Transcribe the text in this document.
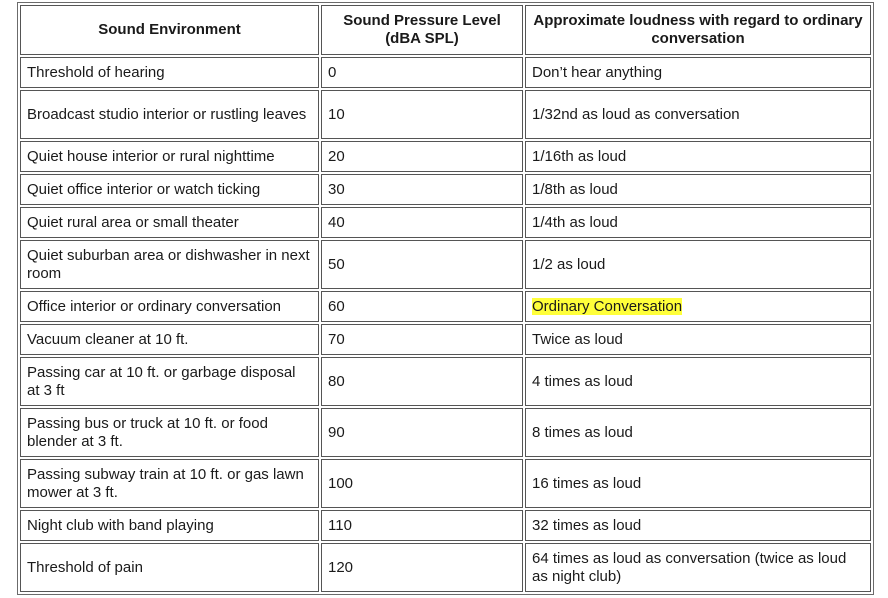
Sound Environment	Sound Pressure Level (dBA SPL)	Approximate loudness with regard to ordinary conversation
Threshold of hearing	0	Don’t hear anything
Broadcast studio interior or rustling leaves	10	1/32nd as loud as conversation
Quiet house interior or rural nighttime	20	1/16th as loud
Quiet office interior or watch ticking	30	1/8th as loud
Quiet rural area or small theater	40	1/4th as loud
Quiet suburban area or dishwasher in next room	50	1/2 as loud
Office interior or ordinary conversation	60	Ordinary Conversation
Vacuum cleaner at 10 ft.	70	Twice as loud
Passing car at 10 ft. or garbage disposal at 3 ft	80	4 times as loud
Passing bus or truck at 10 ft. or food blender at 3 ft.	90	8 times as loud
Passing subway train at 10 ft. or gas lawn mower at 3 ft.	100	16 times as loud
Night club with band playing	110	32 times as loud
Threshold of pain	120	64 times as loud as conversation (twice as loud as night club)
